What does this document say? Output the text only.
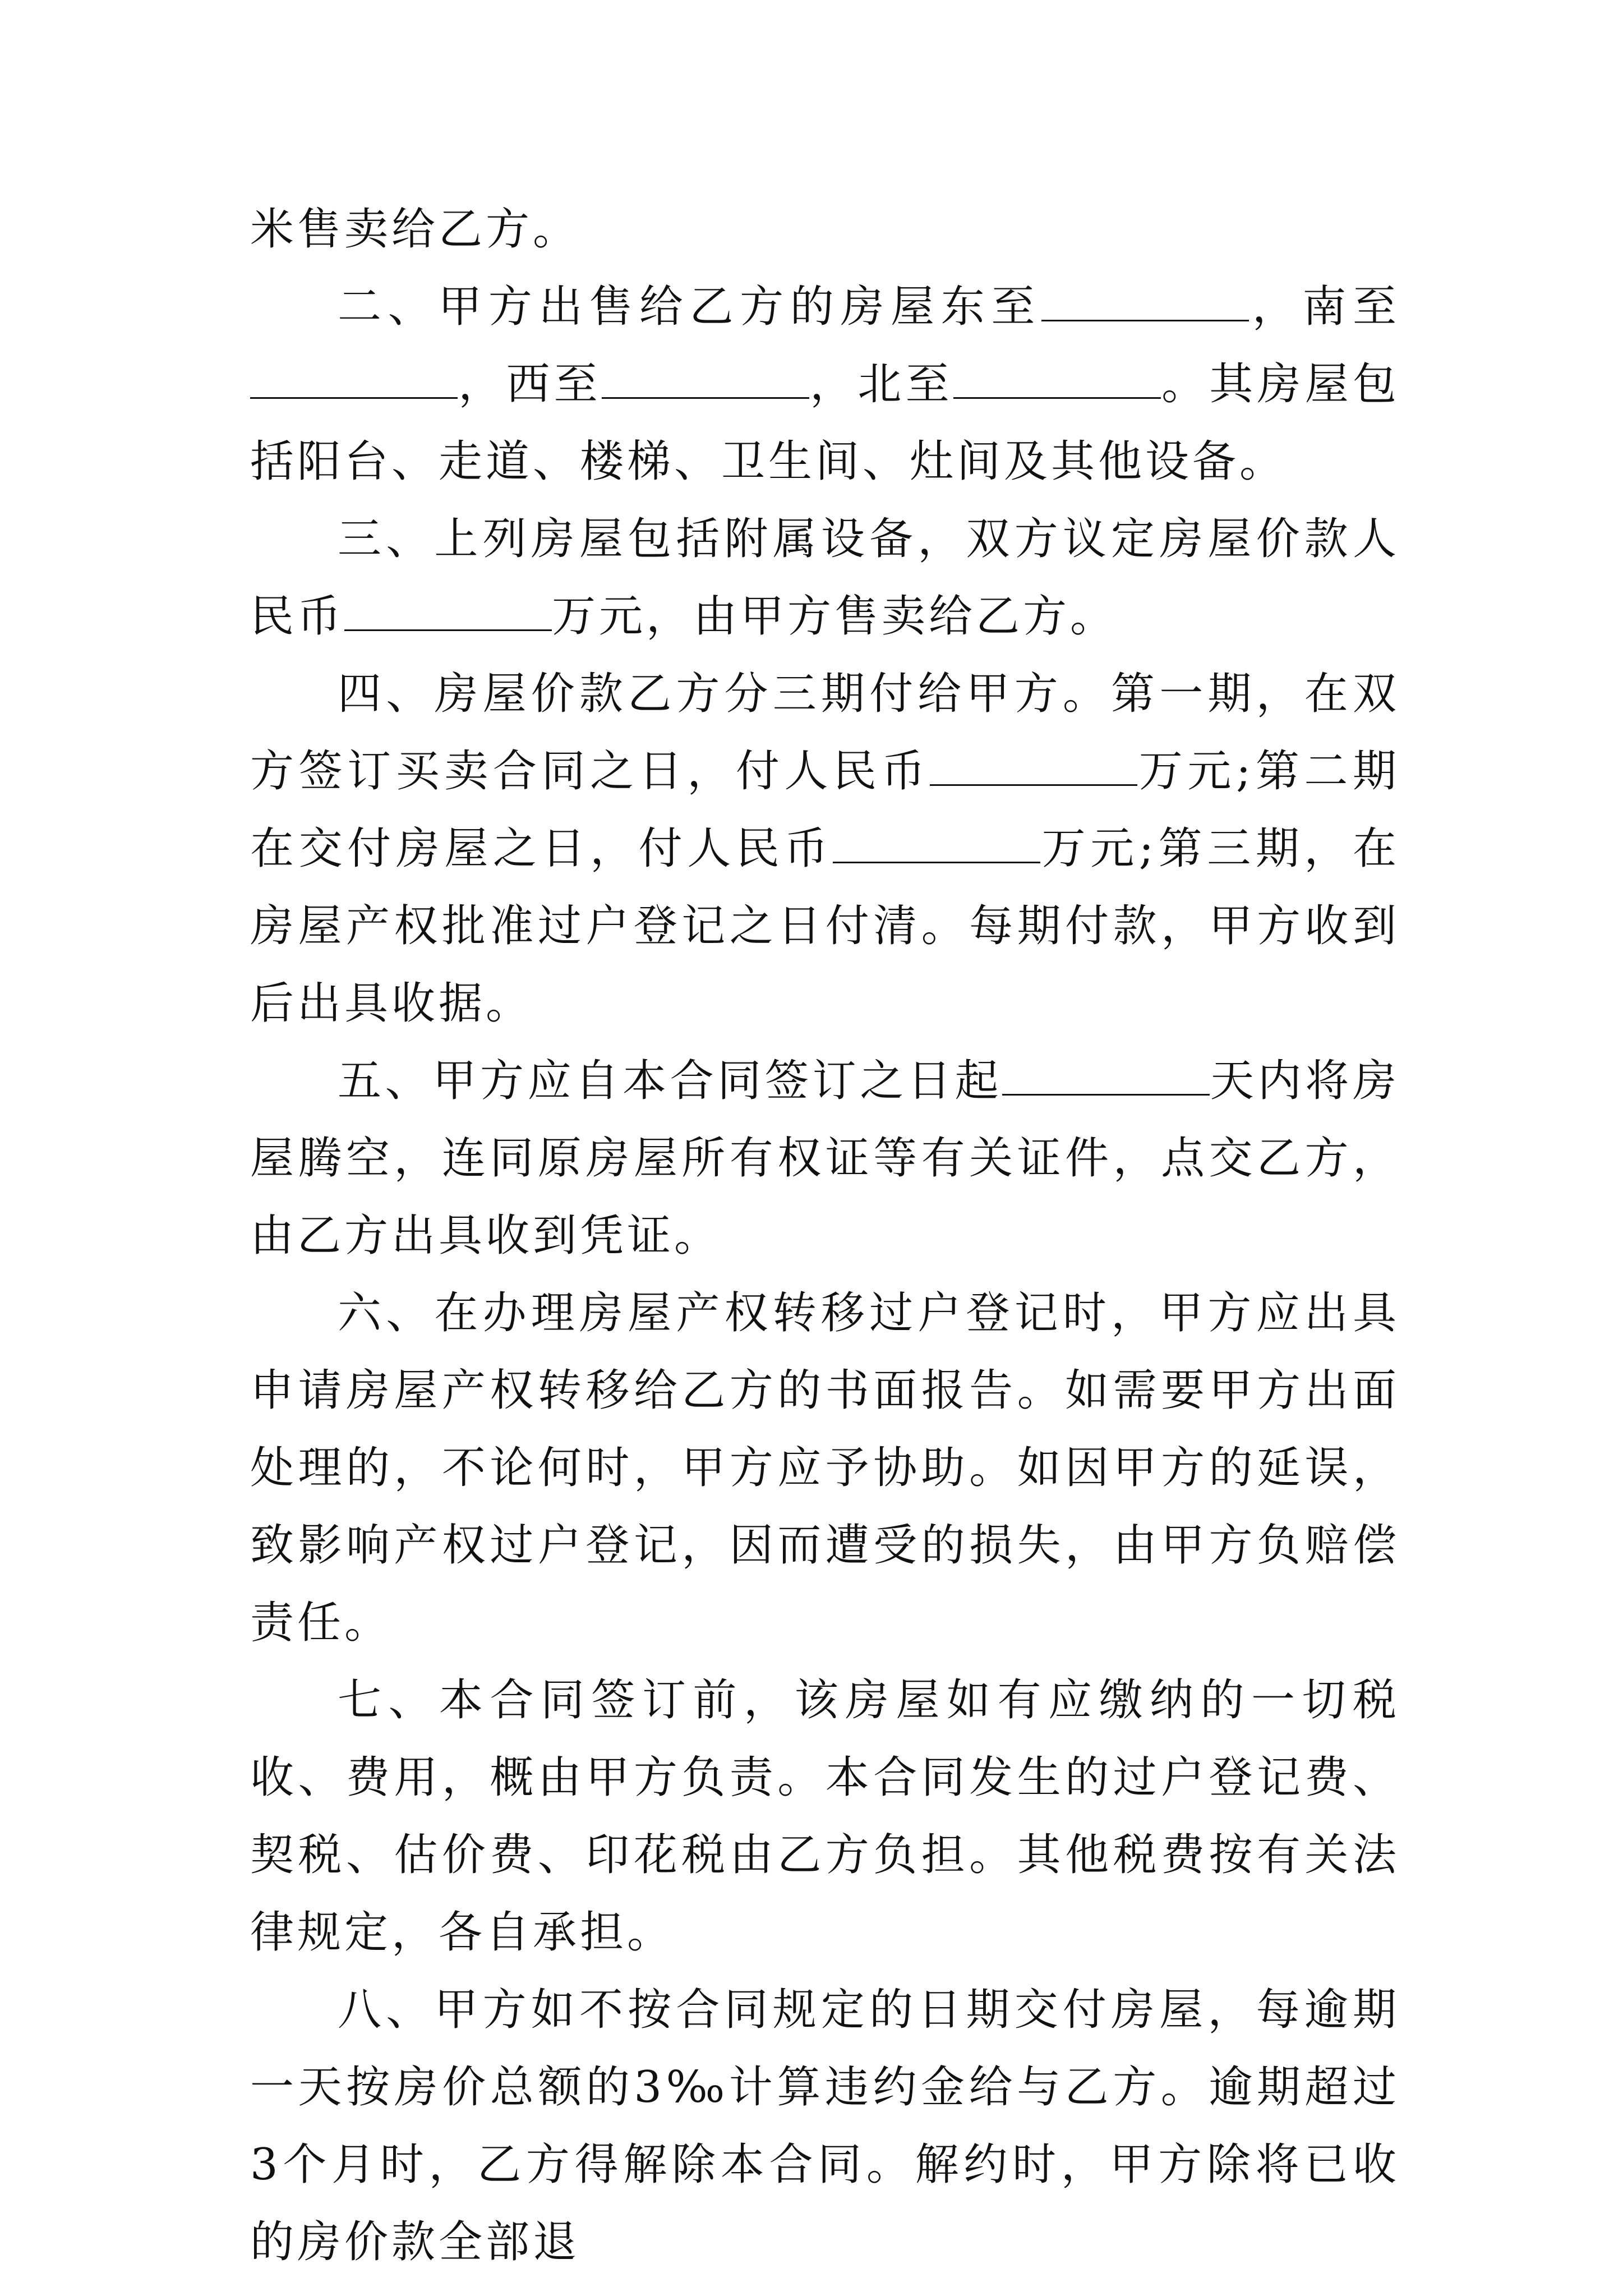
米售卖给乙方。

二、甲方出售给乙方的房屋东至	，南至，西至	，北至	。其房屋包括阳台、走道、楼梯、卫生间、灶间及其他设备。

三、上列房屋包括附属设备，双方议定房屋价款人民币	万元，由甲方售卖给乙方。

四、房屋价款乙方分三期付给甲方。第一期，在双方签订买卖合同之日，付人民币	万元;第二期在交付房屋之日，付人民币	万元;第三期，在房屋产权批准过户登记之日付清。每期付款，甲方收到后出具收据。

五、甲方应自本合同签订之日起	天内将房屋腾空，连同原房屋所有权证等有关证件，点交乙方，由乙方出具收到凭证。

六、在办理房屋产权转移过户登记时，甲方应出具申请房屋产权转移给乙方的书面报告。如需要甲方出面处理的，不论何时，甲方应予协助。如因甲方的延误，致影响产权过户登记，因而遭受的损失，由甲方负赔偿责任。

七、本合同签订前，该房屋如有应缴纳的一切税收、费用，概由甲方负责。本合同发生的过户登记费、契税、估价费、印花税由乙方负担。其他税费按有关法律规定，各自承担。

八、甲方如不按合同规定的日期交付房屋，每逾期一天按房价总额的3‰计算违约金给与乙方。逾期超过3个月时，乙方得解除本合同。解约时，甲方除将已收的房价款全部退
